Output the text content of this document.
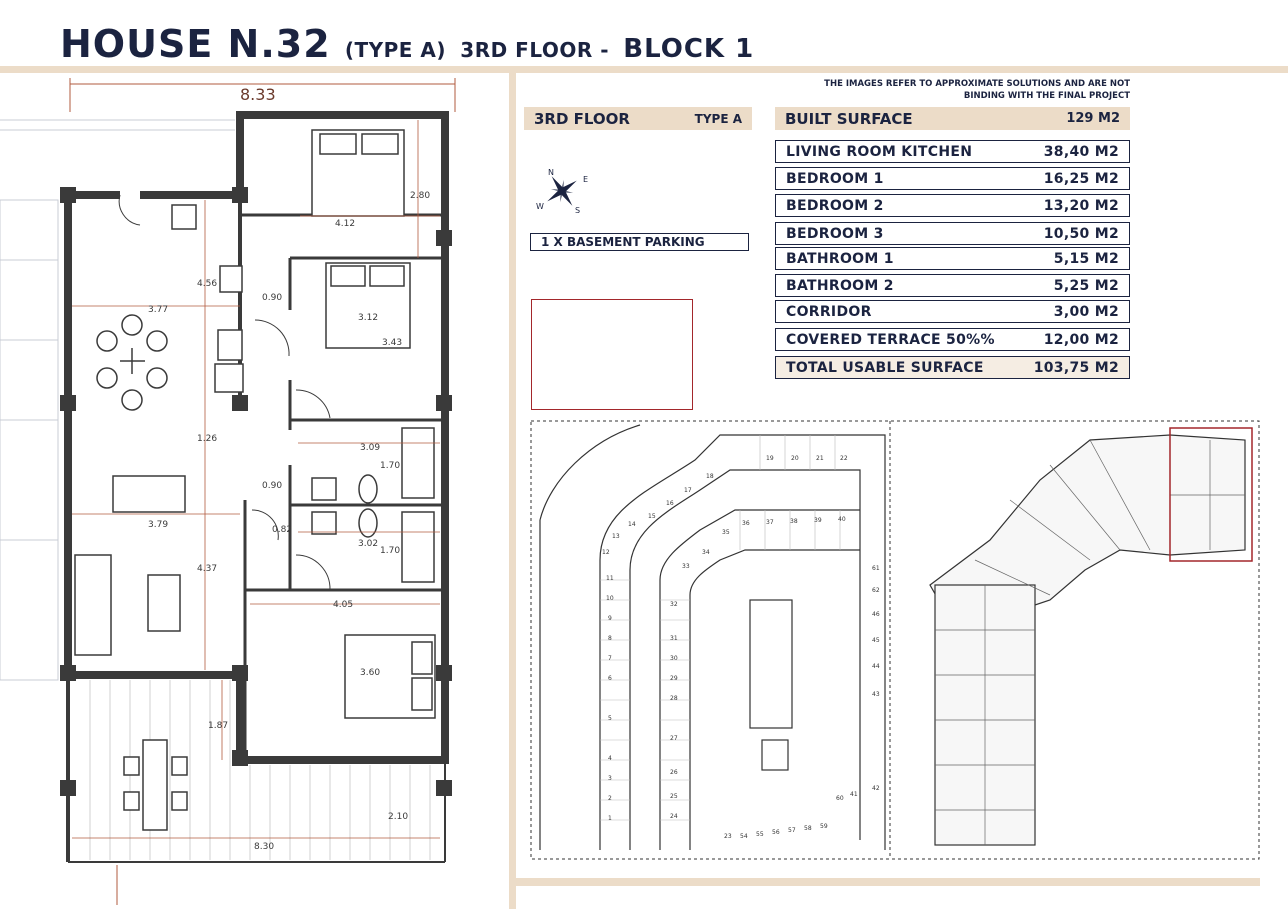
HOUSE N.32 (TYPE A) 3RD FLOOR - BLOCK 1
THE IMAGES REFER TO APPROXIMATE SOLUTIONS AND ARE NOT
BINDING WITH THE FINAL PROJECT
3RD FLOOR	TYPE A
N
E
S
W
1 X BASEMENT PARKING
BUILT SURFACE	129 M2
LIVING ROOM KITCHEN	38,40 M2
BEDROOM 1	16,25 M2
BEDROOM 2	13,20 M2
BEDROOM 3	10,50 M2
BATHROOM 1	5,15 M2
BATHROOM 2	5,25 M2
CORRIDOR	3,00 M2
COVERED TERRACE 50%%	12,00 M2
TOTAL USABLE SURFACE	103,75 M2
8.33
4.12
2.80
4.56
3.77
0.90
3.12
3.43
1.26
3.09
1.70
0.90
3.79	0.82
3.02
1.70
4.37
4.05
3.60
1.87
2.10
8.30
19	20	21	22
18
17
16
15
14
13
12
36	37	38	39	40
35
34
33
32
11
10
9
8
7
6
5
4
3
2
1
31
30
29
28
27
26
25
24
23 54 55 56 57 58 59
60
61
62
46
45
44
43
42
41
